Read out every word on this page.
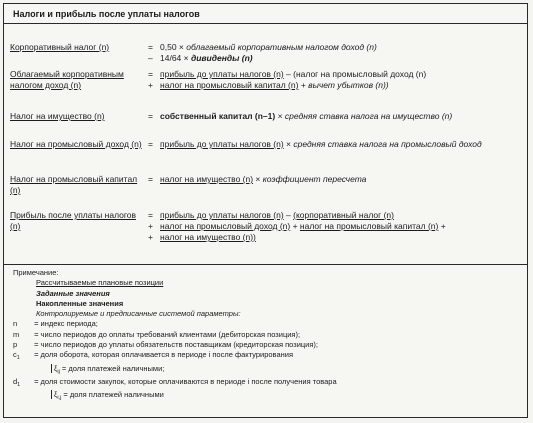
Налоги и прибыль после уплаты налогов
Корпоративный налог (n)	= 0,50 × облагаемый корпоративным налогом доход (n)
– 14/64 × дивиденды (n)
Облагаемый корпоративным налогом доход (n)
= прибыль до уплаты налогов (n) – (налог на промысловый доход (n)
+ налог на промысловый капитал (n) + вычет убытков (n))
Налог на имущество (n)	= собственный капитал (n–1) × средняя ставка налога на имущество (n)
Налог на промысловый доход (n) = прибыль до уплаты налогов (n) × средняя ставка налога на промысловый доход
Налог на промысловый капитал (n)
= налог на имущество (n) × коэффициент пересчета
Прибыль после уплаты налогов (n)
= прибыль до уплаты налогов (n) – (корпоративный налог (n)
+ налог на промысловый доход (n) + налог на промысловый капитал (n) +
+ налог на имущество (n))
Примечание:
Рассчитываемые плановые позиции
Заданные значения
Накопленные значения
Контролируемые и предписанные системой параметры:
n = индекс периода;
m = число периодов до оплаты требований клиентами (дебиторская позиция);
p = число периодов до уплаты обязательств поставщикам (кредиторская позиция);
$c_1$ = доля оборота, которая оплачивается в периоде i после фактурирования
$\xi_{ij}$ = доля платежей наличными;
$d_1$ = доля стоимости закупок, которые оплачиваются в периоде i после получения товара
$\xi_{i,j}$ = доля платежей наличными
